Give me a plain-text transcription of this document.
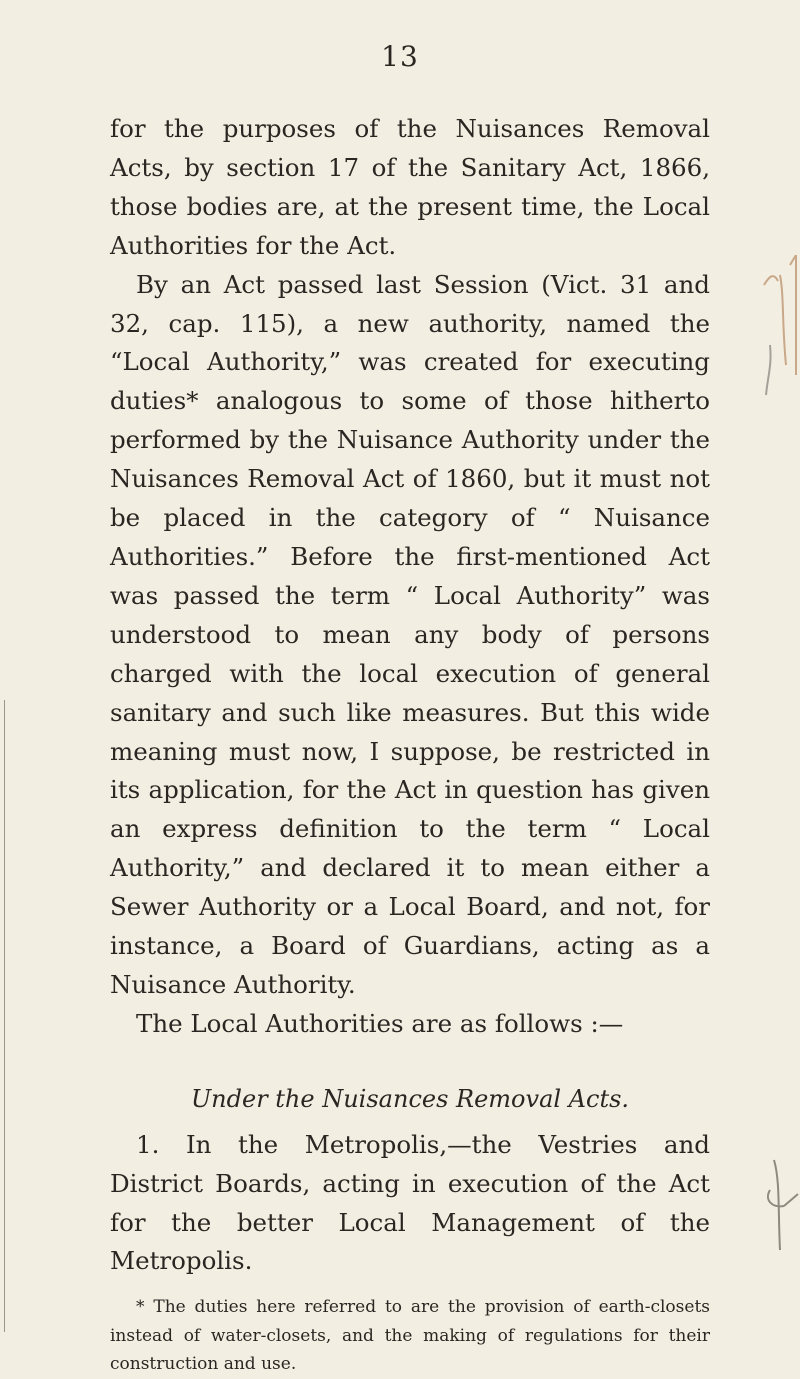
13

for the purposes of the Nuisances Removal Acts, by section 17 of the Sanitary Act, 1866, those bodies are, at the present time, the Local Authorities for the Act.

By an Act passed last Session (Vict. 31 and 32, cap. 115), a new authority, named the “Local Authority,” was created for executing duties* analogous to some of those hitherto performed by the Nuisance Authority under the Nuisances Removal Act of 1860, but it must not be placed in the category of “ Nuisance Authorities.” Before the first-mentioned Act was passed the term “ Local Authority” was understood to mean any body of persons charged with the local execution of general sanitary and such like measures. But this wide meaning must now, I suppose, be restricted in its application, for the Act in question has given an express definition to the term “ Local Authority,” and declared it to mean either a Sewer Authority or a Local Board, and not, for instance, a Board of Guardians, acting as a Nuisance Authority.

The Local Authorities are as follows :—

Under the Nuisances Removal Acts.

1. In the Metropolis,—the Vestries and District Boards, acting in execution of the Act for the better Local Management of the Metropolis.

* The duties here referred to are the provision of earth-closets instead of water-closets, and the making of regulations for their construction and use.
